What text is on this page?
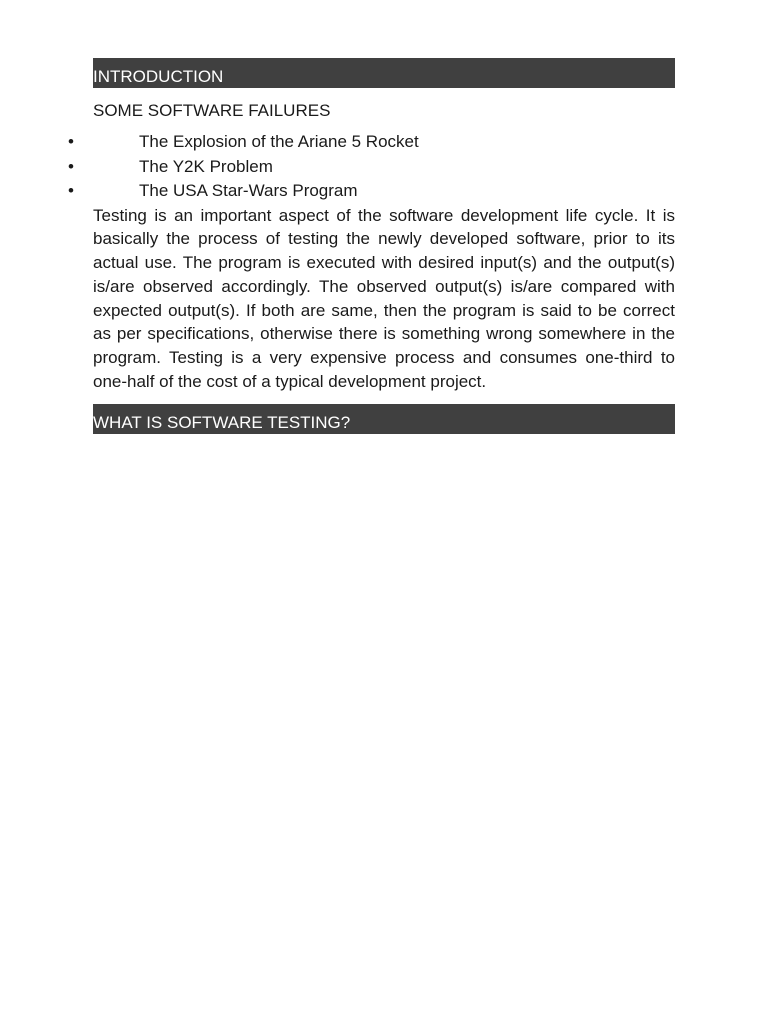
INTRODUCTION
SOME SOFTWARE FAILURES
•	The Explosion of the Ariane 5 Rocket
•	The Y2K Problem
•	The USA Star-Wars Program

Testing is an important aspect of the software development life cycle. It is basically the process of testing the newly developed software, prior to its actual use. The program is executed with desired input(s) and the output(s) is/are observed accordingly. The observed output(s) is/are compared with expected output(s). If both are same, then the program is said to be correct as per specifications, otherwise there is something wrong somewhere in the program. Testing is a very expensive process and consumes one-third to one-half of the cost of a typical development project.

WHAT IS SOFTWARE TESTING?
